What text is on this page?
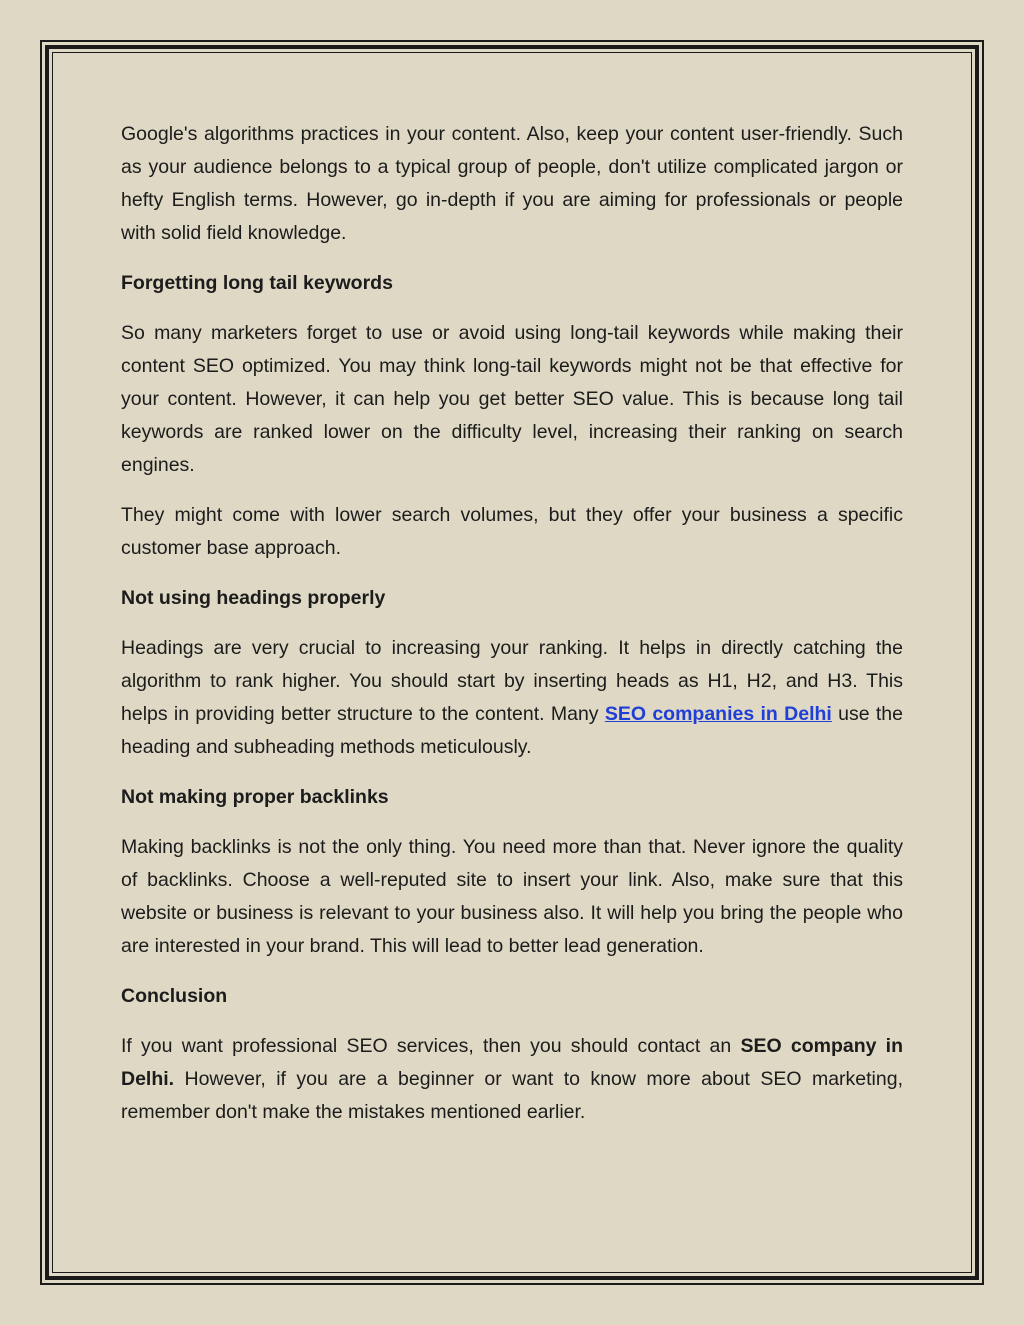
Google's algorithms practices in your content. Also, keep your content user-friendly. Such as your audience belongs to a typical group of people, don't utilize complicated jargon or hefty English terms. However, go in-depth if you are aiming for professionals or people with solid field knowledge.

Forgetting long tail keywords

So many marketers forget to use or avoid using long-tail keywords while making their content SEO optimized. You may think long-tail keywords might not be that effective for your content. However, it can help you get better SEO value. This is because long tail keywords are ranked lower on the difficulty level, increasing their ranking on search engines.

They might come with lower search volumes, but they offer your business a specific customer base approach.

Not using headings properly

Headings are very crucial to increasing your ranking. It helps in directly catching the algorithm to rank higher. You should start by inserting heads as H1, H2, and H3. This helps in providing better structure to the content. Many SEO companies in Delhi use the heading and subheading methods meticulously.

Not making proper backlinks

Making backlinks is not the only thing. You need more than that. Never ignore the quality of backlinks. Choose a well-reputed site to insert your link. Also, make sure that this website or business is relevant to your business also. It will help you bring the people who are interested in your brand. This will lead to better lead generation.

Conclusion

If you want professional SEO services, then you should contact an SEO company in Delhi. However, if you are a beginner or want to know more about SEO marketing, remember don't make the mistakes mentioned earlier.
